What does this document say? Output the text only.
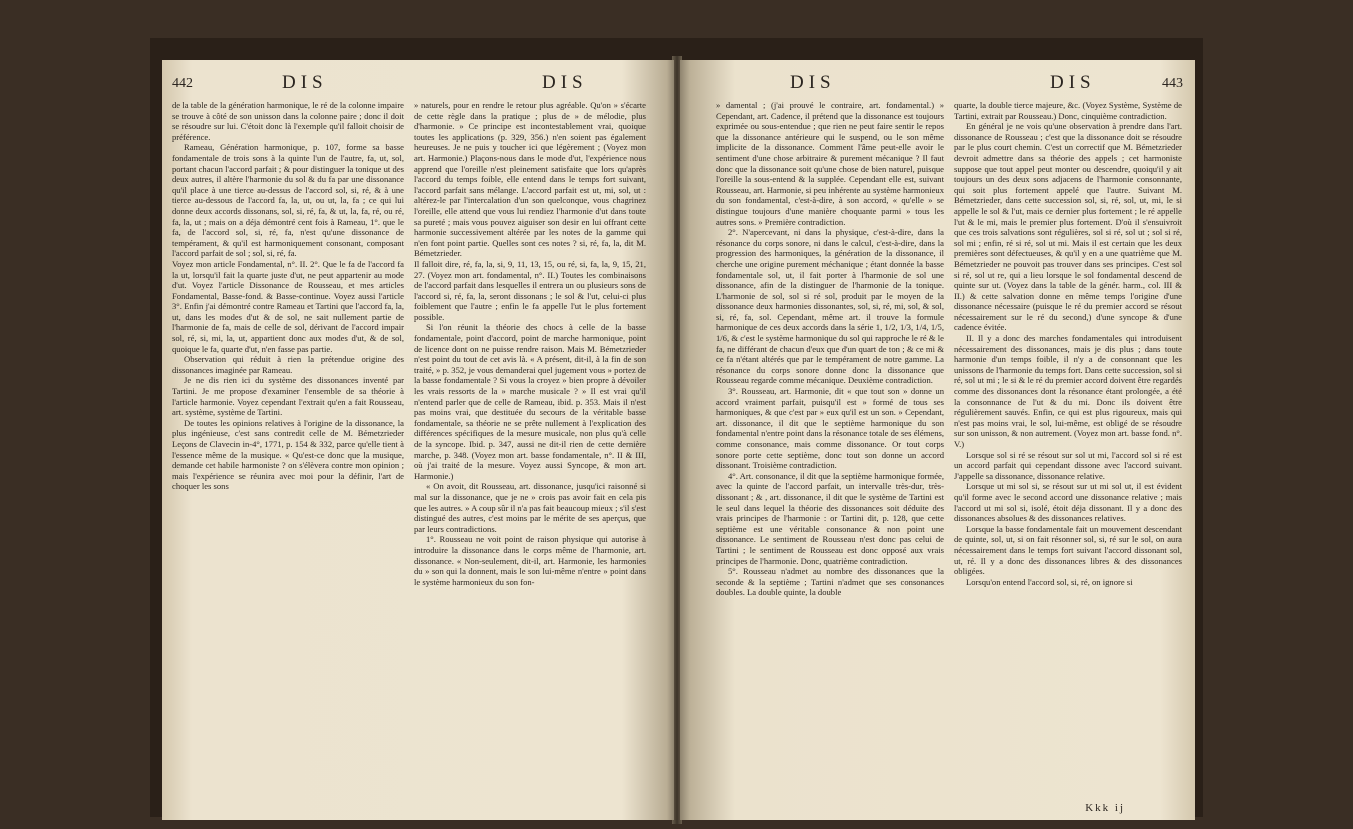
442	DIS	DIS

de la table de la génération harmonique, le ré de la colonne impaire se trouve à côté de son unisson dans la colonne paire ; donc il doit se résoudre sur lui. C'étoit donc là l'exemple qu'il falloit choisir de préférence.

Rameau, Génération harmonique, p. 107, forme sa basse fondamentale de trois sons à la quinte l'un de l'autre, fa, ut, sol, portant chacun l'accord parfait ; & pour distinguer la tonique ut des deux autres, il altère l'harmonie du sol & du fa par une dissonance qu'il place à une tierce au-dessus de l'accord sol, si, ré, & à une tierce au-dessous de l'accord fa, la, ut, ou ut, la, fa ; ce qui lui donne deux accords dissonans, sol, si, ré, fa, & ut, la, fa, ré, ou ré, fa, la, ut ; mais on a déja démontré cent fois à Rameau, 1°. que le fa, de l'accord sol, si, ré, fa, n'est qu'une dissonance de tempérament, & qu'il est harmoniquement consonant, composant l'accord parfait de sol ; sol, si, ré, fa.

Voyez mon article Fondamental, n°. II. 2°. Que le fa de l'accord fa la ut, lorsqu'il fait la quarte juste d'ut, ne peut appartenir au mode d'ut. Voyez l'article Dissonance de Rousseau, et mes articles Fondamental, Basse-fond. & Basse-continue. Voyez aussi l'article 3°. Enfin j'ai démontré contre Rameau et Tartini que l'accord fa, la, ut, dans les modes d'ut & de sol, ne sait nullement partie de l'harmonie de fa, mais de celle de sol, dérivant de l'accord impair sol, ré, si, mi, la, ut, appartient donc aux modes d'ut, & de sol, quoique le fa, quarte d'ut, n'en fasse pas partie.

Observation qui réduit à rien la prétendue origine des dissonances imaginée par Rameau.

Je ne dis rien ici du système des dissonances inventé par Tartini. Je me propose d'examiner l'ensemble de sa théorie à l'article harmonie. Voyez cependant l'extrait qu'en a fait Rousseau, art. système, système de Tartini.

De toutes les opinions relatives à l'origine de la dissonance, la plus ingénieuse, c'est sans contredit celle de M. Bémetzrieder Leçons de Clavecin in-4°, 1771, p. 154 & 332, parce qu'elle tient à l'essence même de la musique. « Qu'est-ce donc que la musique, demande cet habile harmoniste ? on s'élèvera contre mon opinion ; mais l'expérience se réunira avec moi pour la définir, l'art de choquer les sons

» naturels, pour en rendre le retour plus agréable. Qu'on » s'écarte de cette règle dans la pratique ; plus de » de mélodie, plus d'harmonie. » Ce principe est incontestablement vrai, quoique toutes les applications (p. 329, 356.) n'en soient pas également heureuses. Je ne puis y toucher ici que légèrement ; (Voyez mon art. Harmonie.) Plaçons-nous dans le mode d'ut, l'expérience nous apprend que l'oreille n'est pleinement satisfaite que lors qu'après l'accord du temps foible, elle entend dans le temps fort suivant, l'accord parfait sans mélange. L'accord parfait est ut, mi, sol, ut : altérez-le par l'intercalation d'un son quelconque, vous chagrinez l'oreille, elle attend que vous lui rendiez l'harmonie d'ut dans toute sa pureté ; mais vous pouvez aiguiser son desir en lui offrant cette harmonie successivement altérée par les notes de la gamme qui n'en font point partie. Quelles sont ces notes ? si, ré, fa, la, dit M. Bémetzrieder.

Il falloit dire, ré, fa, la, si, 9, 11, 13, 15, ou ré, si, fa, la, 9, 15, 21, 27. (Voyez mon art. fondamental, n°. II.) Toutes les combinaisons de l'accord parfait dans lesquelles il entrera un ou plusieurs sons de l'accord si, ré, fa, la, seront dissonans ; le sol & l'ut, celui-ci plus foiblement que l'autre ; enfin le fa appelle l'ut le plus fortement possible.

Si l'on réunit la théorie des chocs à celle de la basse fondamentale, point d'accord, point de marche harmonique, point de licence dont on ne puisse rendre raison. Mais M. Bémetzrieder n'est point du tout de cet avis là. « A présent, dit-il, à la fin de son traité, » p. 352, je vous demanderai quel jugement vous » portez de la basse fondamentale ? Si vous la croyez » bien propre à dévoiler les vrais ressorts de la » marche musicale ? » Il est vrai qu'il n'entend parler que de celle de Rameau, ibid. p. 353. Mais il n'est pas moins vrai, que destituée du secours de la véritable basse fondamentale, sa théorie ne se prête nullement à l'explication des différences spécifiques de la mesure musicale, non plus qu'à celle de la syncope. Ibid. p. 347, aussi ne dit-il rien de cette dernière marche, p. 348. (Voyez mon art. basse fondamentale, n°. II & III, où j'ai traité de la mesure. Voyez aussi Syncope, & mon art. Harmonie.)

« On avoit, dit Rousseau, art. dissonance, jusqu'ici raisonné si mal sur la dissonance, que je ne » crois pas avoir fait en cela pis que les autres. » A coup sûr il n'a pas fait beaucoup mieux ; s'il s'est distingué des autres, c'est moins par le mérite de ses aperçus, que par leurs contradictions.

1°. Rousseau ne voit point de raison physique qui autorise à introduire la dissonance dans le corps même de l'harmonie, art. dissonance. « Non-seulement, dit-il, art. Harmonie, les harmonies du » son qui la donnent, mais le son lui-même n'entre » point dans le système harmonieux du son fon-

DIS	DIS	443

» damental ; (j'ai prouvé le contraire, art. fondamental.) » Cependant, art. Cadence, il prétend que la dissonance est toujours exprimée ou sous-entendue ; que rien ne peut faire sentir le repos que la dissonance antérieure qui le suspend, ou le son même implicite de la dissonance. Comment l'âme peut-elle avoir le sentiment d'une chose arbitraire & purement mécanique ? Il faut donc que la dissonance soit qu'une chose de bien naturel, puisque l'oreille la sous-entend & la supplée. Cependant elle est, suivant Rousseau, art. Harmonie, si peu inhérente au système harmonieux du son fondamental, c'est-à-dire, à son accord, « qu'elle » se distingue toujours d'une manière choquante parmi » tous les autres sons. » Première contradiction.

2°. N'apercevant, ni dans la physique, c'est-à-dire, dans la résonance du corps sonore, ni dans le calcul, c'est-à-dire, dans la progression des harmoniques, la génération de la dissonance, il cherche une origine purement méchanique ; étant donnée la basse fondamentale sol, ut, il fait porter à l'harmonie de sol une dissonance, afin de la distinguer de l'harmonie de la tonique. L'harmonie de sol, sol si ré sol, produit par le moyen de la dissonance deux harmonies dissonantes, sol, si, ré, mi, sol, & sol, si, ré, fa, sol. Cependant, même art. il trouve la formule harmonique de ces deux accords dans la série 1, 1/2, 1/3, 1/4, 1/5, 1/6, & c'est le système harmonique du sol qui rapproche le ré & le fa, ne différant de chacun d'eux que d'un quart de ton ; & ce mi & ce fa n'étant altérés que par le tempérament de notre gamme. La résonance du corps sonore donne donc la dissonance que Rousseau regarde comme mécanique. Deuxième contradiction.

3°. Rousseau, art. Harmonie, dit « que tout son » donne un accord vraiment parfait, puisqu'il est » formé de tous ses harmoniques, & que c'est par » eux qu'il est un son. » Cependant, art. dissonance, il dit que le septième harmonique du son fondamental n'entre point dans la résonance totale de ses élémens, comme consonance, mais comme dissonance. Or tout corps sonore porte cette septième, donc tout son donne un accord dissonant. Troisième contradiction.

4°. Art. consonance, il dit que la septième harmonique formée, avec la quinte de l'accord parfait, un intervalle très-dur, très-dissonant ; & , art. dissonance, il dit que le système de Tartini est le seul dans lequel la théorie des dissonances soit déduite des vrais principes de l'harmonie : or Tartini dit, p. 128, que cette septième est une véritable consonance & non point une dissonance. Le sentiment de Rousseau n'est donc pas celui de Tartini ; le sentiment de Rousseau est donc opposé aux vrais principes de l'harmonie. Donc, quatrième contradiction.

5°. Rousseau n'admet au nombre des dissonances que la seconde & la septième ; Tartini n'admet que ses consonances doubles. La double quinte, la double

quarte, la double tierce majeure, &c. (Voyez Système, Système de Tartini, extrait par Rousseau.) Donc, cinquième contradiction.

En général je ne vois qu'une observation à prendre dans l'art. dissonance de Rousseau ; c'est que la dissonance doit se résoudre par le plus court chemin. C'est un correctif que M. Bémetzrieder devroit admettre dans sa théorie des appels ; cet harmoniste suppose que tout appel peut monter ou descendre, quoiqu'il y ait toujours un des deux sons adjacens de l'harmonie consonnante, qui soit plus fortement appelé que l'autre. Suivant M. Bémetzrieder, dans cette succession sol, si, ré, sol, ut, mi, le si appelle le sol & l'ut, mais ce dernier plus fortement ; le ré appelle l'ut & le mi, mais le premier plus fortement. D'où il s'ensuivroit que ces trois salvations sont régulières, sol si ré, sol ut ; sol si ré, sol mi ; enfin, ré si ré, sol ut mi. Mais il est certain que les deux premières sont défectueuses, & qu'il y en a une quatrième que M. Bémetzrieder ne pouvoit pas trouver dans ses principes. C'est sol si ré, sol ut re, qui a lieu lorsque le sol fondamental descend de quinte sur ut. (Voyez dans la table de la génér. harm., col. III & II.) & cette salvation donne en même temps l'origine d'une dissonance nécessaire (puisque le ré du premier accord se résout nécessairement sur le ré du second,) d'une syncope & d'une cadence évitée.

II. Il y a donc des marches fondamentales qui introduisent nécessairement des dissonances, mais je dis plus ; dans toute harmonie d'un temps foible, il n'y a de consonnant que les unissons de l'harmonie du temps fort. Dans cette succession, sol si ré, sol ut mi ; le si & le ré du premier accord doivent être regardés comme des dissonances dont la résonance étant prolongée, a été la consonnance de l'ut & du mi. Donc ils doivent être régulièrement sauvés. Enfin, ce qui est plus rigoureux, mais qui n'est pas moins vrai, le sol, lui-même, est obligé de se résoudre sur son unisson, & non autrement. (Voyez mon art. basse fond. n°. V.)

Lorsque sol si ré se résout sur sol ut mi, l'accord sol si ré est un accord parfait qui cependant dissone avec l'accord suivant. J'appelle sa dissonance, dissonance relative.

Lorsque ut mi sol si, se résout sur ut mi sol ut, il est évident qu'il forme avec le second accord une dissonance relative ; mais l'accord ut mi sol si, isolé, étoit déja dissonant. Il y a donc des dissonances absolues & des dissonances relatives.

Lorsque la basse fondamentale fait un mouvement descendant de quinte, sol, ut, si on fait résonner sol, si, ré sur le sol, on aura nécessairement dans le temps fort suivant l'accord dissonant sol, ut, ré. Il y a donc des dissonances libres & des dissonances obligées.

Lorsqu'on entend l'accord sol, si, ré, on ignore si

Kkk ij
